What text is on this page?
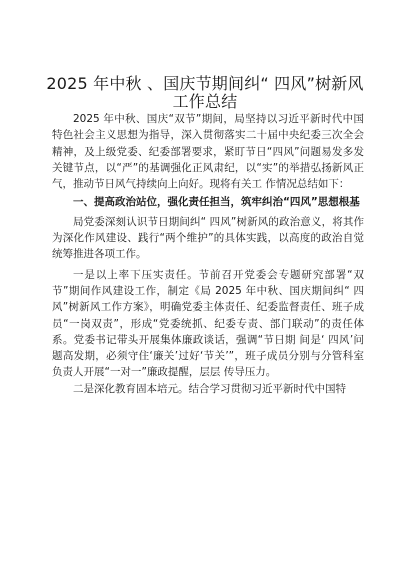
2025 年中秋 、国庆节期间纠“ 四风”树新风工作总结

2025 年中秋、国庆“双节”期间，局坚持以习近平新时代中国特色社会主义思想为指导，深入贯彻落实二十届中央纪委三次全会精神，及上级党委、纪委部署要求，紧盯节日“四风”问题易发多发关键节点，以“严”的基调强化正风肃纪，以“实”的举措弘扬新风正气，推动节日风气持续向上向好。现将有关工 作情况总结如下：

一、提高政治站位，强化责任担当，筑牢纠治“四风”思想根基

局党委深刻认识节日期间纠“ 四风”树新风的政治意义，将其作为深化作风建设、践行“两个维护”的具体实践，以高度的政治自觉统筹推进各项工作。

一是以上率下压实责任。节前召开党委会专题研究部署“双节”期间作风建设工作，制定《局 2025 年中秋、国庆期间纠“ 四风”树新风工作方案》，明确党委主体责任、纪委监督责任、班子成员“一岗双责”，形成“党委统抓、纪委专责、部门联动”的责任体系。党委书记带头开展集体廉政谈话，强调“节日期 间是‘ 四风’问题高发期，必须守住‘廉关’过好‘节关’”，班子成员分别与分管科室负责人开展“一对一”廉政提醒，层层 传导压力。

二是深化教育固本培元。结合学习贯彻习近平新时代中国特
